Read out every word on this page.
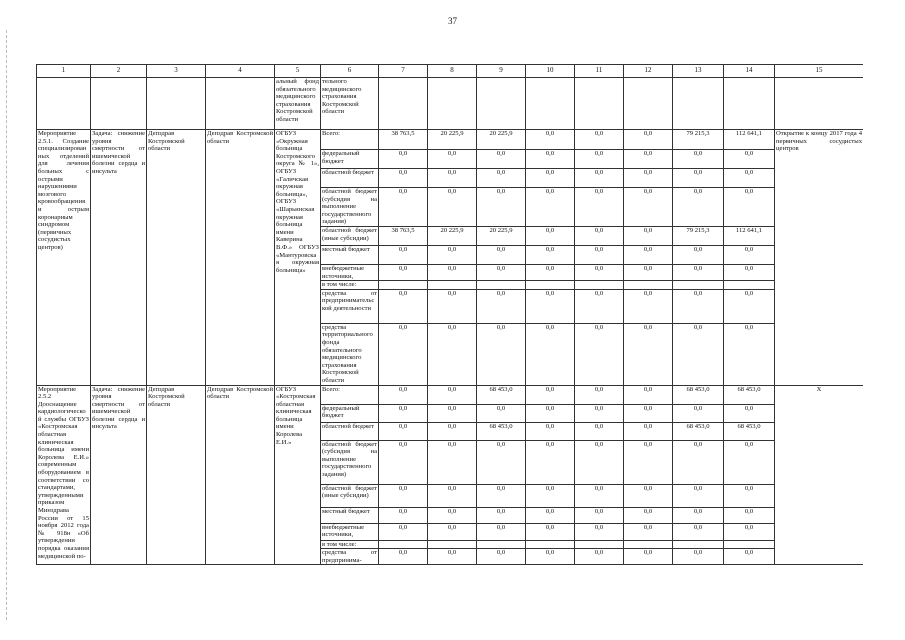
37
1	2	3	4	5	6	7	8	9	10	11	12	13	14	15
				альный фонд обязательного медицинского страхования Костромской области	тельного медицинского страхования Костромской области									
Мероприятие 2.5.1. Создание специализированных отделений для лечения больных с острыми нарушениями мозгового кровообращения и острым коронарным синдромом (первичных сосудистых центров)	Задача: снижение уровня смертности от ишемической болезни сердца и инсульта	Депздрав Костромской области	Депздрав Костромской области	ОГБУЗ «Окружная больница Костромского округа № 1», ОГБУЗ «Галичская окружная больница», ОГБУЗ «Шарьинская окружная больница имени Каверина В.Ф.» ОГБУЗ «Мантуровская окружная больница»	Всего:	38 763,5	20 225,9	20 225,9	0,0	0,0	0,0	79 215,3	112 641,1	Открытие к концу 2017 года 4 первичных сосудистых центров
					федеральный бюджет	0,0	0,0	0,0	0,0	0,0	0,0	0,0	0,0	
					областной бюджет	0,0	0,0	0,0	0,0	0,0	0,0	0,0	0,0	
					областной бюджет (субсидия на выполнение государственного задания)	0,0	0,0	0,0	0,0	0,0	0,0	0,0	0,0	
					областной бюджет (иные субсидии)	38 763,5	20 225,9	20 225,9	0,0	0,0	0,0	79 215,3	112 641,1	
					местный бюджет	0,0	0,0	0,0	0,0	0,0	0,0	0,0	0,0	
					внебюджетные источники,	0,0	0,0	0,0	0,0	0,0	0,0	0,0	0,0	
					в том числе:									
					средства от предпринимательской деятельности	0,0	0,0	0,0	0,0	0,0	0,0	0,0	0,0	
					средства территориального фонда обязательного медицинского страхования Костромской области	0,0	0,0	0,0	0,0	0,0	0,0	0,0	0,0	
Мероприятие 2.5.2 Дооснащение кардиологической службы ОГБУЗ «Костромская областная клиническая больница имени Королева Е.И.» современным оборудованием в соответствии со стандартами, утвержденными приказом Минздрава России от 15 ноября 2012 года № 918н «Об утверждении порядка оказания медицинской по-	Задача: снижение уровня смертности от ишемической болезни сердца и инсульта	Депздрав Костромской области	Депздрав Костромской области	ОГБУЗ «Костромская областная клиническая больница имени Королева Е.И.»	Всего:	0,0	0,0	68 453,0	0,0	0,0	0,0	68 453,0	68 453,0	X
					федеральный бюджет	0,0	0,0	0,0	0,0	0,0	0,0	0,0	0,0	
					областной бюджет	0,0	0,0	68 453,0	0,0	0,0	0,0	68 453,0	68 453,0	
					областной бюджет (субсидия на выполнение государственного задания)	0,0	0,0	0,0	0,0	0,0	0,0	0,0	0,0	
					областной бюджет (иные субсидии)	0,0	0,0	0,0	0,0	0,0	0,0	0,0	0,0	
					местный бюджет	0,0	0,0	0,0	0,0	0,0	0,0	0,0	0,0	
					внебюджетные источники,	0,0	0,0	0,0	0,0	0,0	0,0	0,0	0,0	
					в том числе:									
					средства от предпринима-	0,0	0,0	0,0	0,0	0,0	0,0	0,0	0,0	
